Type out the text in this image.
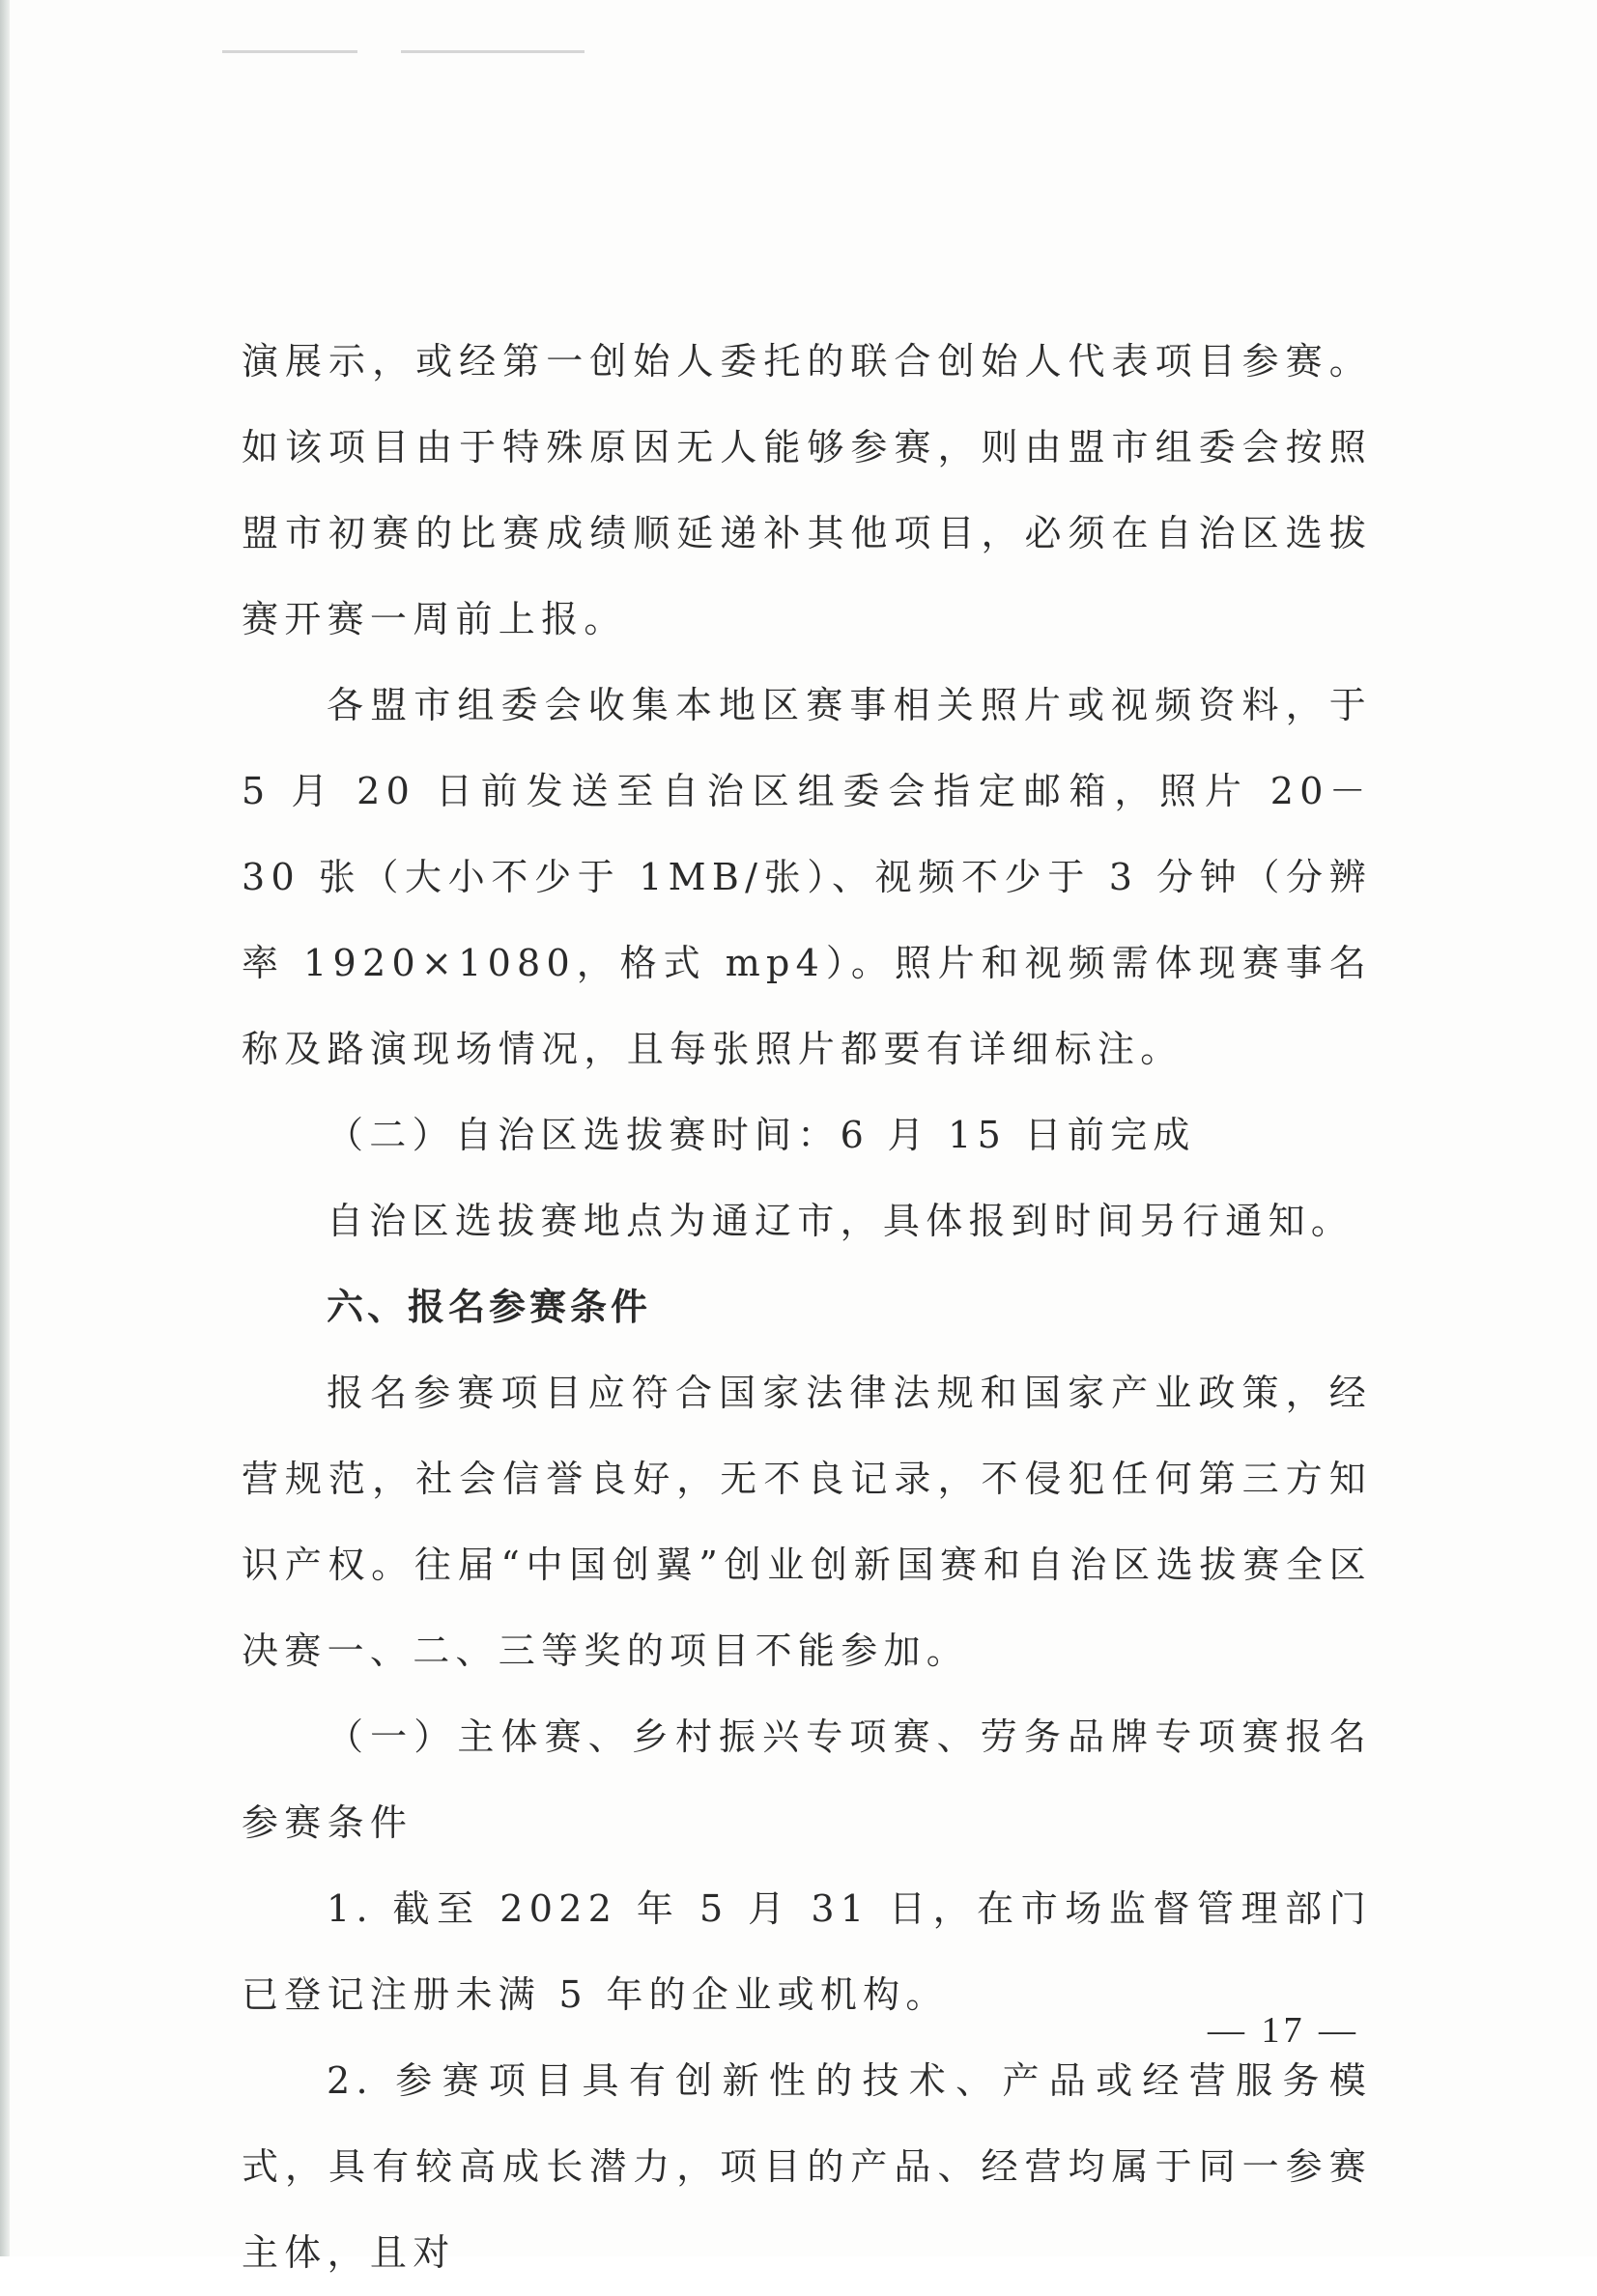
演展示，或经第一创始人委托的联合创始人代表项目参赛。如该项目由于特殊原因无人能够参赛，则由盟市组委会按照盟市初赛的比赛成绩顺延递补其他项目，必须在自治区选拔赛开赛一周前上报。

各盟市组委会收集本地区赛事相关照片或视频资料，于 5 月 20 日前发送至自治区组委会指定邮箱，照片 20－30 张（大小不少于 1MB/张）、视频不少于 3 分钟（分辨率 1920×1080，格式 mp4）。照片和视频需体现赛事名称及路演现场情况，且每张照片都要有详细标注。

（二）自治区选拔赛时间：6 月 15 日前完成

自治区选拔赛地点为通辽市，具体报到时间另行通知。

六、报名参赛条件

报名参赛项目应符合国家法律法规和国家产业政策，经营规范，社会信誉良好，无不良记录，不侵犯任何第三方知识产权。往届“中国创翼”创业创新国赛和自治区选拔赛全区决赛一、二、三等奖的项目不能参加。

（一）主体赛、乡村振兴专项赛、劳务品牌专项赛报名参赛条件

1. 截至 2022 年 5 月 31 日，在市场监督管理部门已登记注册未满 5 年的企业或机构。

2. 参赛项目具有创新性的技术、产品或经营服务模式，具有较高成长潜力，项目的产品、经营均属于同一参赛主体，且对

— 17 —
